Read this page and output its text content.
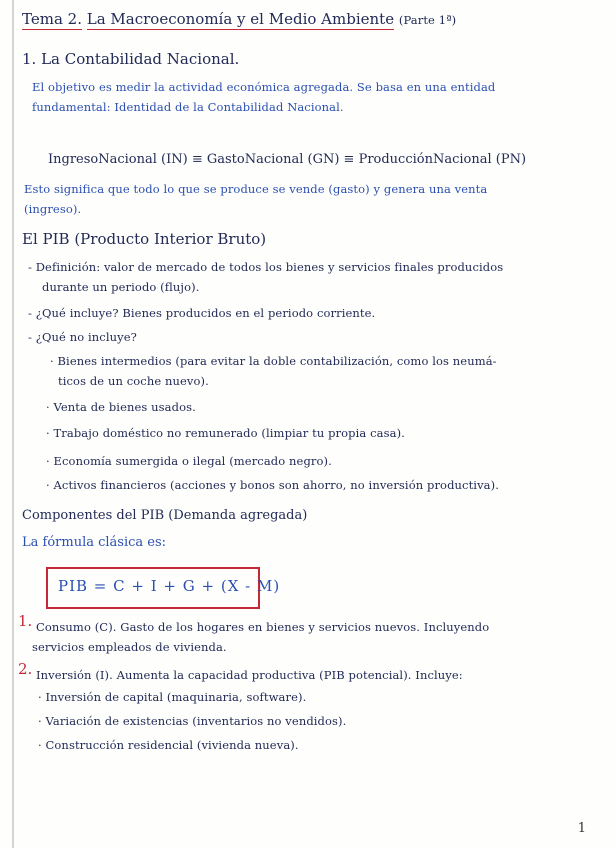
Tema 2. La Macroeconomía y el Medio Ambiente (Parte 1ª)
1. La Contabilidad Nacional.
El objetivo es medir la actividad económica agregada. Se basa en una entidad
fundamental: Identidad de la Contabilidad Nacional.
IngresoNacional (IN) ≡ GastoNacional (GN) ≡ ProducciónNacional (PN)
Esto significa que todo lo que se produce se vende (gasto) y genera una venta
(ingreso).
El PIB (Producto Interior Bruto)
- Definición: valor de mercado de todos los bienes y servicios finales producidos
durante un periodo (flujo).
- ¿Qué incluye? Bienes producidos en el periodo corriente.
- ¿Qué no incluye?
· Bienes intermedios (para evitar la doble contabilización, como los neumá-
ticos de un coche nuevo).
· Venta de bienes usados.
· Trabajo doméstico no remunerado (limpiar tu propia casa).
· Economía sumergida o ilegal (mercado negro).
· Activos financieros (acciones y bonos son ahorro, no inversión productiva).
Componentes del PIB (Demanda agregada)
La fórmula clásica es:
PIB = C + I + G + (X - M)
1. Consumo (C). Gasto de los hogares en bienes y servicios nuevos. Incluyendo
servicios empleados de vivienda.
2. Inversión (I). Aumenta la capacidad productiva (PIB potencial). Incluye:
· Inversión de capital (maquinaria, software).
· Variación de existencias (inventarios no vendidos).
· Construcción residencial (vivienda nueva).
1
